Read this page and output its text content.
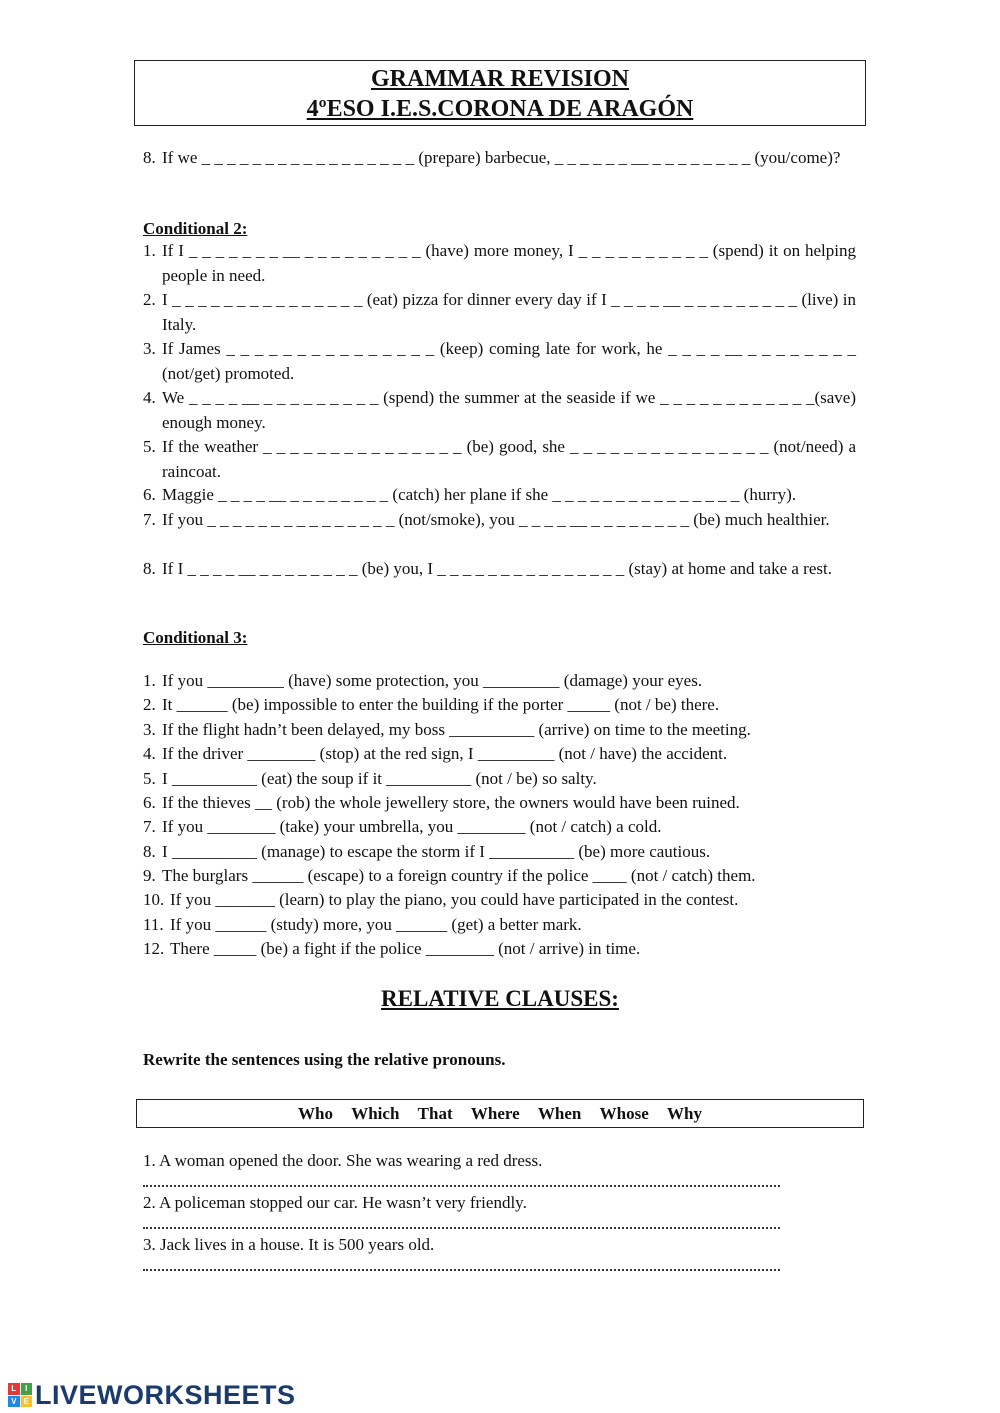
GRAMMAR REVISION
4ºESO I.E.S.CORONA DE ARAGÓN
8. If we _ _ _ _ _ _ _ _ _ _ _ _ _ _ _ _ _ (prepare) barbecue, _ _ _ _ _ _ __ _ _ _ _ _ _ _ _ (you/come)?
Conditional 2:
1. If I _ _ _ _ _ _ _ __ _ _ _ _ _ _ _ _ _ (have) more money, I _ _ _ _ _ _ _ _ _ _ (spend) it on helping people in need.
2. I _ _ _ _ _ _ _ _ _ _ _ _ _ _ _ (eat) pizza for dinner every day if I _ _ _ _ __ _ _ _ _ _ _ _ _ _ (live) in Italy.
3. If James _ _ _ _ _ _ _ _ _ _ _ _ _ _ _ (keep) coming late for work, he _ _ _ _ __ _ _ _ _ _ _ _ _ (not/get) promoted.
4. We _ _ _ _ __ _ _ _ _ _ _ _ _ _ (spend) the summer at the seaside if we _ _ _ _ _ _ _ _ _ _ _ _(save) enough money.
5. If the weather _ _ _ _ _ _ _ _ _ _ _ _ _ _ _ (be) good, she _ _ _ _ _ _ _ _ _ _ _ _ _ _ _ (not/need) a raincoat.
6. Maggie _ _ _ _ __ _ _ _ _ _ _ _ _ (catch) her plane if she _ _ _ _ _ _ _ _ _ _ _ _ _ _ _ (hurry).
7. If you _ _ _ _ _ _ _ _ _ _ _ _ _ _ _ (not/smoke), you _ _ _ _ __ _ _ _ _ _ _ _ _ (be) much healthier.
8. If I _ _ _ _ __ _ _ _ _ _ _ _ _ (be) you, I _ _ _ _ _ _ _ _ _ _ _ _ _ _ _ (stay) at home and take a rest.
Conditional 3:
1. If you _________ (have) some protection, you _________ (damage) your eyes.
2. It ______ (be) impossible to enter the building if the porter _____ (not / be) there.
3. If the flight hadn’t been delayed, my boss __________ (arrive) on time to the meeting.
4. If the driver ________ (stop) at the red sign, I _________ (not / have) the accident.
5. I __________ (eat) the soup if it __________ (not / be) so salty.
6. If the thieves __ (rob) the whole jewellery store, the owners would have been ruined.
7. If you ________ (take) your umbrella, you ________ (not / catch) a cold.
8. I __________ (manage) to escape the storm if I __________ (be) more cautious.
9. The burglars ______ (escape) to a foreign country if the police ____ (not / catch) them.
10. If you _______ (learn) to play the piano, you could have participated in the contest.
11. If you ______ (study) more, you ______ (get) a better mark.
12. There _____ (be) a fight if the police ________ (not / arrive) in time.
RELATIVE CLAUSES:
Rewrite the sentences using the relative pronouns.
Who Which That Where When Whose Why
1. A woman opened the door. She was wearing a red dress.
2. A policeman stopped our car. He wasn’t very friendly.
3. Jack lives in a house. It is 500 years old.
L	I
V E LIVEWORKSHEETS
